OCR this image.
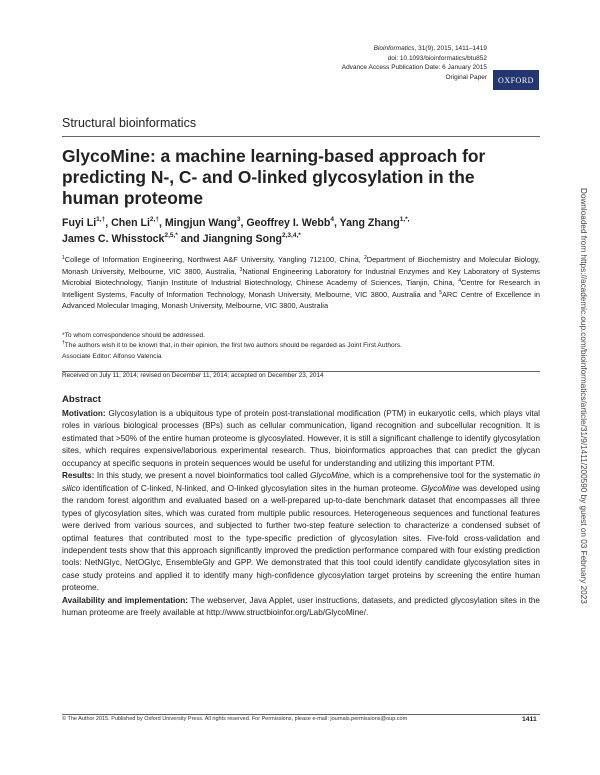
Bioinformatics, 31(9), 2015, 1411–1419
doi: 10.1093/bioinformatics/btu852
Advance Access Publication Date: 6 January 2015
Original Paper	OXFORD
Structural bioinformatics
GlycoMine: a machine learning-based approach for predicting N-, C- and O-linked glycosylation in the human proteome
Fuyi $Li^{1,\dagger}$, Chen $Li^{2,\dagger}$, Mingjun Wang$^3$, Geoffrey I. Webb$^4$, Yang Zhang$^{1,*,}$
James C. Whisstock$^{2,5,*}$ and Jiangning Song$^{2,3,4,*}$
$^1$College of Information Engineering, Northwest A&F University, Yangling 712100, China, $^2$Department of Biochemistry and Molecular Biology, Monash University, Melbourne, VIC 3800, Australia, $^3$National Engineering Laboratory for Industrial Enzymes and Key Laboratory of Systems Microbial Biotechnology, Tianjin Institute of Industrial Biotechnology, Chinese Academy of Sciences, Tianjin, China, $^4$Centre for Research in Intelligent Systems, Faculty of Information Technology, Monash University, Melbourne, VIC 3800, Australia and $^5$ARC Centre of Excellence in Advanced Molecular Imaging, Monash University, Melbourne, VIC 3800, Australia
*To whom correspondence should be addressed.
†The authors wish it to be known that, in their opinion, the first two authors should be regarded as Joint First Authors.
Associate Editor: Alfonso Valencia
Received on July 11, 2014; revised on December 11, 2014; accepted on December 23, 2014
Abstract

Motivation: Glycosylation is a ubiquitous type of protein post-translational modification (PTM) in eukaryotic cells, which plays vital roles in various biological processes (BPs) such as cellular communication, ligand recognition and subcellular recognition. It is estimated that >50% of the entire human proteome is glycosylated. However, it is still a significant challenge to identify glycosylation sites, which requires expensive/laborious experimental research. Thus, bioinformatics approaches that can predict the glycan occupancy at specific sequons in protein sequences would be useful for understanding and utilizing this important PTM.

Results: In this study, we present a novel bioinformatics tool called GlycoMine, which is a comprehensive tool for the systematic in silico identification of C-linked, N-linked, and O-linked glycosylation sites in the human proteome. GlycoMine was developed using the random forest algorithm and evaluated based on a well-prepared up-to-date benchmark dataset that encompasses all three types of glycosylation sites, which was curated from multiple public resources. Heterogeneous sequences and functional features were derived from various sources, and subjected to further two-step feature selection to characterize a condensed subset of optimal features that contributed most to the type-specific prediction of glycosylation sites. Five-fold cross-validation and independent tests show that this approach significantly improved the prediction performance compared with four existing prediction tools: NetNGlyc, NetOGlyc, EnsembleGly and GPP. We demonstrated that this tool could identify candidate glycosylation sites in case study proteins and applied it to identify many high-confidence glycosylation target proteins by screening the entire human proteome.

Availability and implementation: The webserver, Java Applet, user instructions, datasets, and predicted glycosylation sites in the human proteome are freely available at http://www.structbioinfor.org/Lab/GlycoMine/.

© The Author 2015. Published by Oxford University Press. All rights reserved. For Permissions, please e-mail: journals.permissions@oup.com	1411
Downloaded from https://academic.oup.com/bioinformatics/article/31/9/1411/200590 by guest on 03 February 2023
